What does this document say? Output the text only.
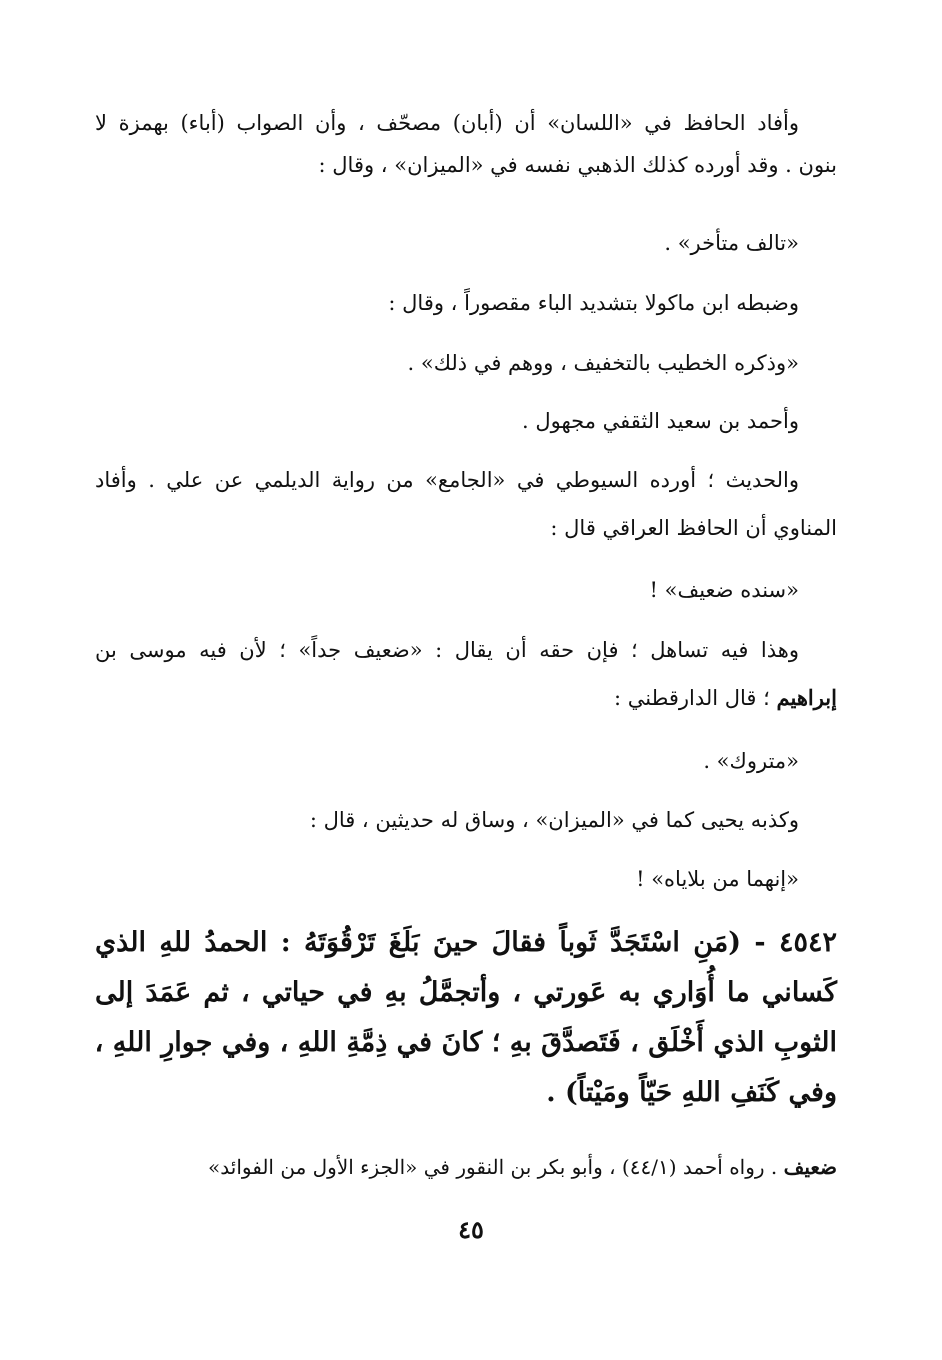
وأفاد الحافظ في «اللسان» أن (أبان) مصحّف ، وأن الصواب (أباء) بهمزة لا
بنون . وقد أورده كذلك الذهبي نفسه في «الميزان» ، وقال :
«تالف متأخر» .
وضبطه ابن ماكولا بتشديد الباء مقصوراً ، وقال :
«وذكره الخطيب بالتخفيف ، ووهم في ذلك» .
وأحمد بن سعيد الثقفي مجهول .
والحديث ؛ أورده السيوطي في «الجامع» من رواية الديلمي عن علي . وأفاد
المناوي أن الحافظ العراقي قال :
«سنده ضعيف» !
وهذا فيه تساهل ؛ فإن حقه أن يقال : «ضعيف جداً» ؛ لأن فيه موسى بن
إبراهيم ؛ قال الدارقطني :
«متروك» .
وكذبه يحيى كما في «الميزان» ، وساق له حديثين ، قال :
«إنهما من بلاياه» !
٤٥٤٢ - (مَنِ اسْتَجَدَّ ثَوباً فقالَ حينَ بَلَغَ تَرْقُوَتَهُ : الحمدُ للهِ الذي
كَساني ما أُوَاري به عَورتي ، وأتجمَّلُ بهِ في حياتي ، ثم عَمَدَ إلى
الثوبِ الذي أَخْلَق ، فَتَصدَّقَ بهِ ؛ كانَ في ذِمَّةِ اللهِ ، وفي جوارِ اللهِ ،
وفي كَنَفِ اللهِ حَيّاً ومَيْتاً) .
ضعيف . رواه أحمد (٤٤/١) ، وأبو بكر بن النقور في «الجزء الأول من الفوائد»
٤٥
